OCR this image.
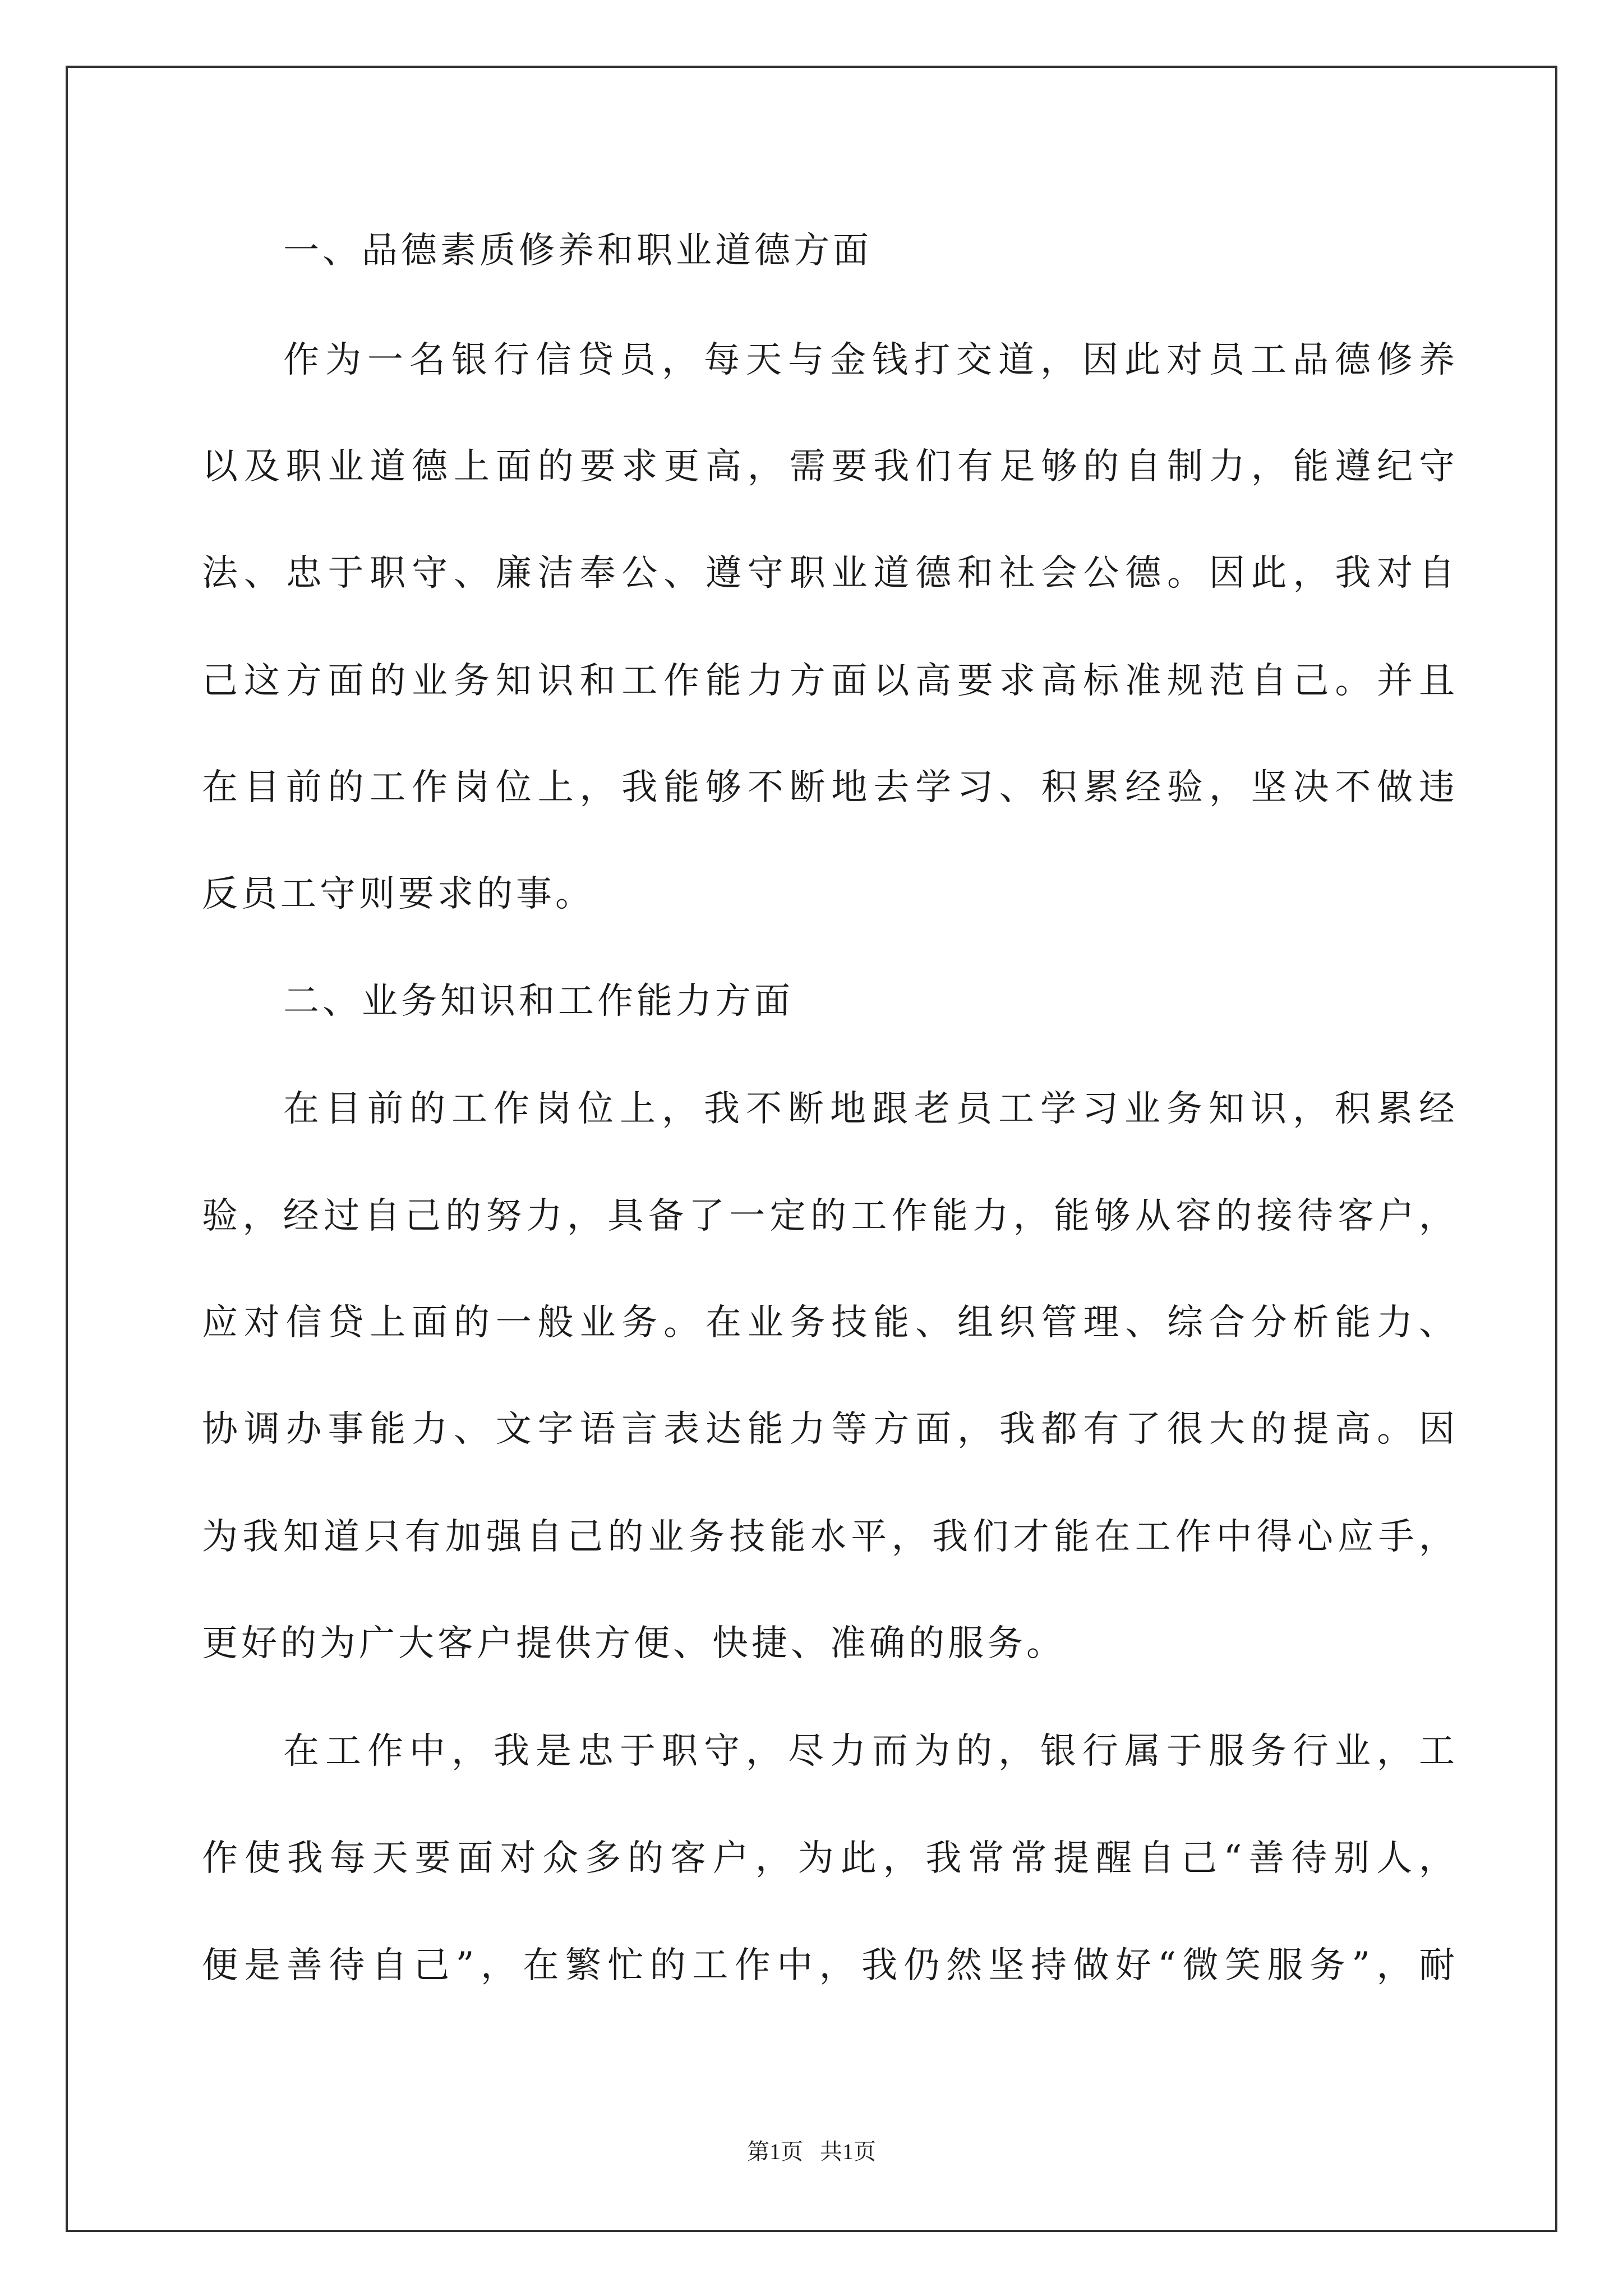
一、品德素质修养和职业道德方面
作为一名银行信贷员，每天与金钱打交道，因此对员工品德修养
以及职业道德上面的要求更高，需要我们有足够的自制力，能遵纪守
法、忠于职守、廉洁奉公、遵守职业道德和社会公德。因此，我对自
己这方面的业务知识和工作能力方面以高要求高标准规范自己。并且
在目前的工作岗位上，我能够不断地去学习、积累经验，坚决不做违
反员工守则要求的事。
二、业务知识和工作能力方面
在目前的工作岗位上，我不断地跟老员工学习业务知识，积累经
验，经过自己的努力，具备了一定的工作能力，能够从容的接待客户，
应对信贷上面的一般业务。在业务技能、组织管理、综合分析能力、
协调办事能力、文字语言表达能力等方面，我都有了很大的提高。因
为我知道只有加强自己的业务技能水平，我们才能在工作中得心应手，
更好的为广大客户提供方便、快捷、准确的服务。
在工作中，我是忠于职守，尽力而为的，银行属于服务行业，工
作使我每天要面对众多的客户，为此，我常常提醒自己“善待别人，
便是善待自己”，在繁忙的工作中，我仍然坚持做好“微笑服务”，耐
第1页   共1页
